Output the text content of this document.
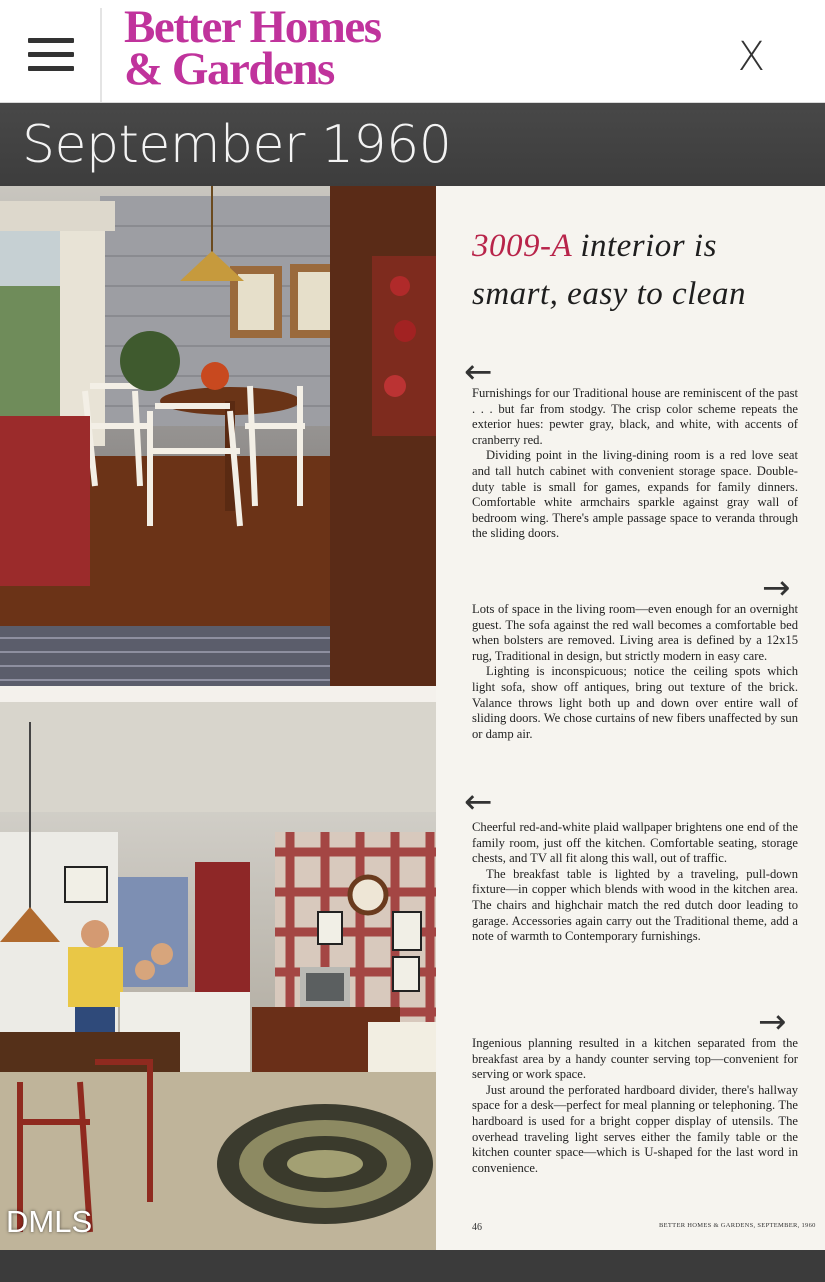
Better Homes
& Gardens	X
September 1960
3009-A interior is
smart, easy to clean
←

Furnishings for our Traditional house are reminiscent of the past . . . but far from stodgy. The crisp color scheme repeats the exterior hues: pewter gray, black, and white, with accents of cranberry red.

Dividing point in the living-dining room is a red love seat and tall hutch cabinet with convenient storage space. Double-duty table is small for games, expands for family dinners. Comfortable white armchairs sparkle against gray wall of bedroom wing. There's ample passage space to veranda through the sliding doors.

→

Lots of space in the living room—even enough for an overnight guest. The sofa against the red wall becomes a comfortable bed when bolsters are removed. Living area is defined by a 12x15 rug, Traditional in design, but strictly modern in easy care.

Lighting is inconspicuous; notice the ceiling spots which light sofa, show off antiques, bring out texture of the brick. Valance throws light both up and down over entire wall of sliding doors. We chose curtains of new fibers unaffected by sun or damp air.

←

Cheerful red-and-white plaid wallpaper brightens one end of the family room, just off the kitchen. Comfortable seating, storage chests, and TV all fit along this wall, out of traffic.

The breakfast table is lighted by a traveling, pull-down fixture—in copper which blends with wood in the kitchen area. The chairs and highchair match the red dutch door leading to garage. Accessories again carry out the Traditional theme, add a note of warmth to Contemporary furnishings.

→

Ingenious planning resulted in a kitchen separated from the breakfast area by a handy counter serving top—convenient for serving or work space.

Just around the perforated hardboard divider, there's hallway space for a desk—perfect for meal planning or telephoning. The hardboard is used for a bright copper display of utensils. The overhead traveling light serves either the family table or the kitchen counter space—which is U-shaped for the last word in convenience.

46	BETTER HOMES & GARDENS, SEPTEMBER, 1960
DMLS
